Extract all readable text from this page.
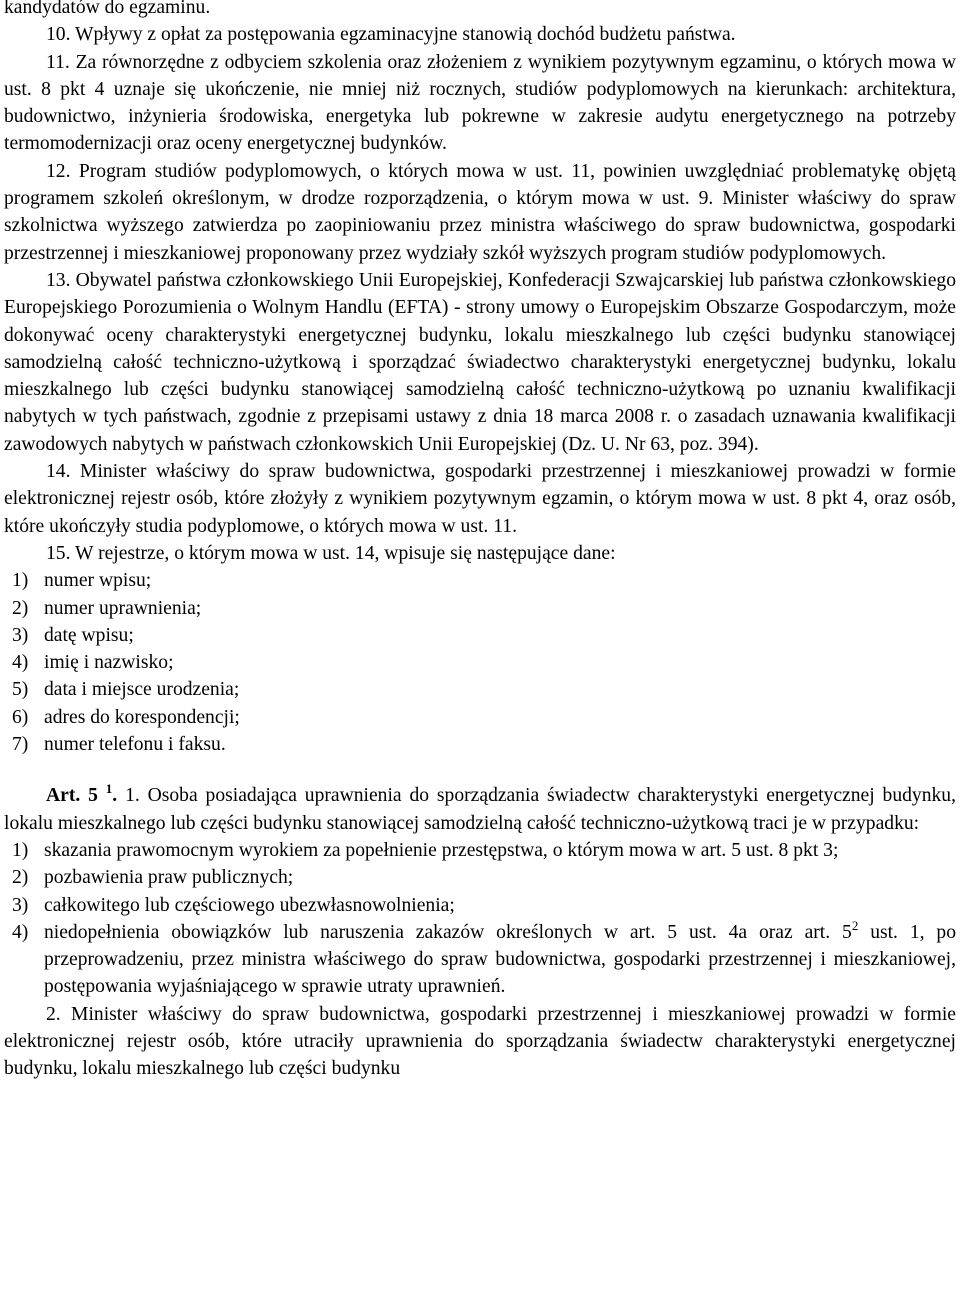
kandydatów do egzaminu.

10. Wpływy z opłat za postępowania egzaminacyjne stanowią dochód budżetu państwa.

11. Za równorzędne z odbyciem szkolenia oraz złożeniem z wynikiem pozytywnym egzaminu, o których mowa w ust. 8 pkt 4 uznaje się ukończenie, nie mniej niż rocznych, studiów podyplomowych na kierunkach: architektura, budownictwo, inżynieria środowiska, energetyka lub pokrewne w zakresie audytu energetycznego na potrzeby termomodernizacji oraz oceny energetycznej budynków.

12. Program studiów podyplomowych, o których mowa w ust. 11, powinien uwzględniać problematykę objętą programem szkoleń określonym, w drodze rozporządzenia, o którym mowa w ust. 9. Minister właściwy do spraw szkolnictwa wyższego zatwierdza po zaopiniowaniu przez ministra właściwego do spraw budownictwa, gospodarki przestrzennej i mieszkaniowej proponowany przez wydziały szkół wyższych program studiów podyplomowych.

13. Obywatel państwa członkowskiego Unii Europejskiej, Konfederacji Szwajcarskiej lub państwa członkowskiego Europejskiego Porozumienia o Wolnym Handlu (EFTA) - strony umowy o Europejskim Obszarze Gospodarczym, może dokonywać oceny charakterystyki energetycznej budynku, lokalu mieszkalnego lub części budynku stanowiącej samodzielną całość techniczno-użytkową i sporządzać świadectwo charakterystyki energetycznej budynku, lokalu mieszkalnego lub części budynku stanowiącej samodzielną całość techniczno-użytkową po uznaniu kwalifikacji nabytych w tych państwach, zgodnie z przepisami ustawy z dnia 18 marca 2008 r. o zasadach uznawania kwalifikacji zawodowych nabytych w państwach członkowskich Unii Europejskiej (Dz. U. Nr 63, poz. 394).

14. Minister właściwy do spraw budownictwa, gospodarki przestrzennej i mieszkaniowej prowadzi w formie elektronicznej rejestr osób, które złożyły z wynikiem pozytywnym egzamin, o którym mowa w ust. 8 pkt 4, oraz osób, które ukończyły studia podyplomowe, o których mowa w ust. 11.

15. W rejestrze, o którym mowa w ust. 14, wpisuje się następujące dane:

1) numer wpisu;
2) numer uprawnienia;
3) datę wpisu;
4) imię i nazwisko;
5) data i miejsce urodzenia;
6) adres do korespondencji;
7) numer telefonu i faksu.

Art. 5 $^1$. 1. Osoba posiadająca uprawnienia do sporządzania świadectw charakterystyki energetycznej budynku, lokalu mieszkalnego lub części budynku stanowiącej samodzielną całość techniczno-użytkową traci je w przypadku:

1) skazania prawomocnym wyrokiem za popełnienie przestępstwa, o którym mowa w art. 5 ust. 8 pkt 3;
2) pozbawienia praw publicznych;
3) całkowitego lub częściowego ubezwłasnowolnienia;
4) niedopełnienia obowiązków lub naruszenia zakazów określonych w art. 5 ust. 4a oraz art. $5^2$ ust. 1, po przeprowadzeniu, przez ministra właściwego do spraw budownictwa, gospodarki przestrzennej i mieszkaniowej, postępowania wyjaśniającego w sprawie utraty uprawnień.

2. Minister właściwy do spraw budownictwa, gospodarki przestrzennej i mieszkaniowej prowadzi w formie elektronicznej rejestr osób, które utraciły uprawnienia do sporządzania świadectw charakterystyki energetycznej budynku, lokalu mieszkalnego lub części budynku
